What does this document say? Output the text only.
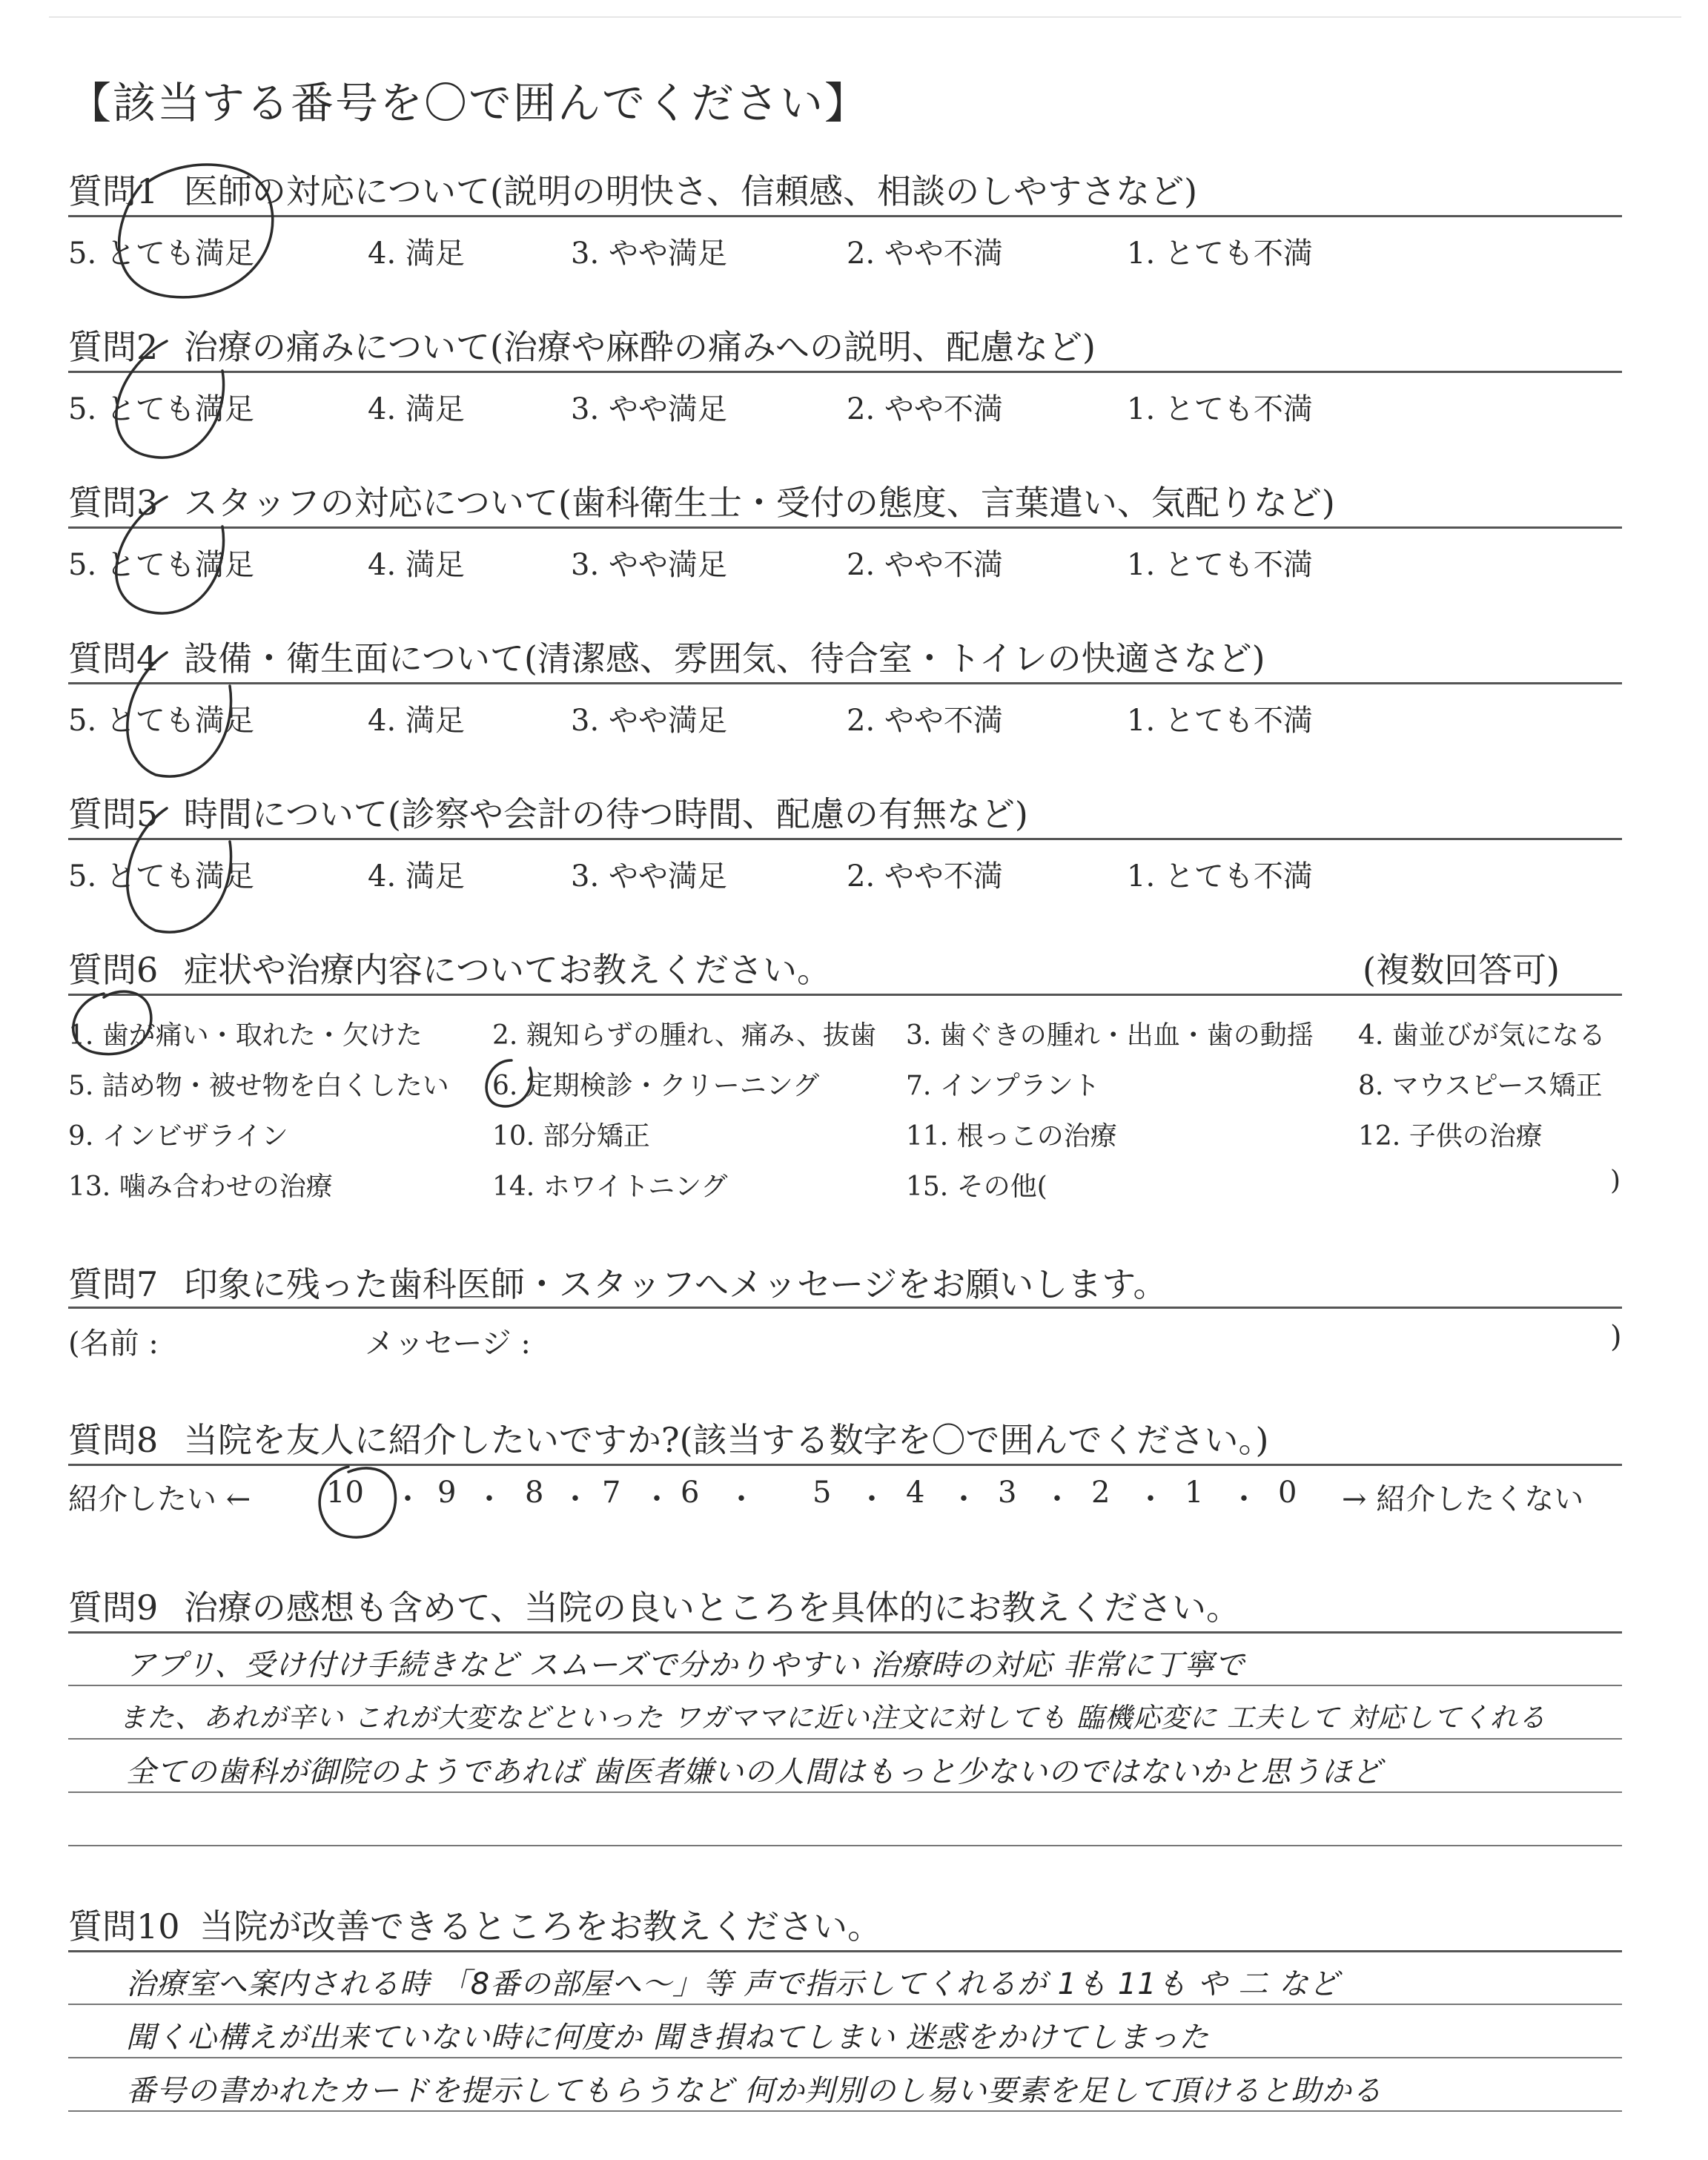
【該当する番号を〇で囲んでください】
質問1 医師の対応について(説明の明快さ、信頼感、相談のしやすさなど)
5. とても満足	4. 満足	3. やや満足	2. やや不満	1. とても不満
質問2 治療の痛みについて(治療や麻酔の痛みへの説明、配慮など)
5. とても満足	4. 満足	3. やや満足	2. やや不満	1. とても不満
質問3 スタッフの対応について(歯科衛生士・受付の態度、言葉遣い、気配りなど)
5. とても満足	4. 満足	3. やや満足	2. やや不満	1. とても不満
質問4 設備・衛生面について(清潔感、雰囲気、待合室・トイレの快適さなど)
5. とても満足	4. 満足	3. やや満足	2. やや不満	1. とても不満
質問5 時間について(診察や会計の待つ時間、配慮の有無など)
5. とても満足	4. 満足	3. やや満足	2. やや不満	1. とても不満
質問6 症状や治療内容についてお教えください。	(複数回答可)
1. 歯が痛い・取れた・欠けた	2. 親知らずの腫れ、痛み、抜歯 3. 歯ぐきの腫れ・出血・歯の動揺 4. 歯並びが気になる
5. 詰め物・被せ物を白くしたい 6. 定期検診・クリーニング	7. インプラント	8. マウスピース矯正
9. インビザライン	10. 部分矯正	11. 根っこの治療	12. 子供の治療
13. 噛み合わせの治療	14. ホワイトニング	15. その他(	)
質問7 印象に残った歯科医師・スタッフへメッセージをお願いします。
(名前 :	メッセージ :	)
質問8 当院を友人に紹介したいですか?(該当する数字を〇で囲んでください。)
紹介したい ←	10 ・ 9 ・ 8 ・ 7 ・ 6 ・ 5 ・ 4 ・ 3 ・ 2 ・ 1 ・ 0 → 紹介したくない
質問9 治療の感想も含めて、当院の良いところを具体的にお教えください。
アプリ、受け付け手続きなど スムーズで分かりやすい 治療時の対応 非常に丁寧で
また、あれが辛い これが大変などといった ワガママに近い注文に対しても 臨機応変に 工夫して 対応してくれる
全ての歯科が御院のようであれば 歯医者嫌いの人間はもっと少ないのではないかと思うほど
質問10 当院が改善できるところをお教えください。
治療室へ案内される時 「8番の部屋へ～」等 声で指示してくれるが 1も 11も や 二 など
聞く心構えが出来ていない時に何度か 聞き損ねてしまい 迷惑をかけてしまった
番号の書かれたカードを提示してもらうなど 何か判別のし易い要素を足して頂けると助かる
